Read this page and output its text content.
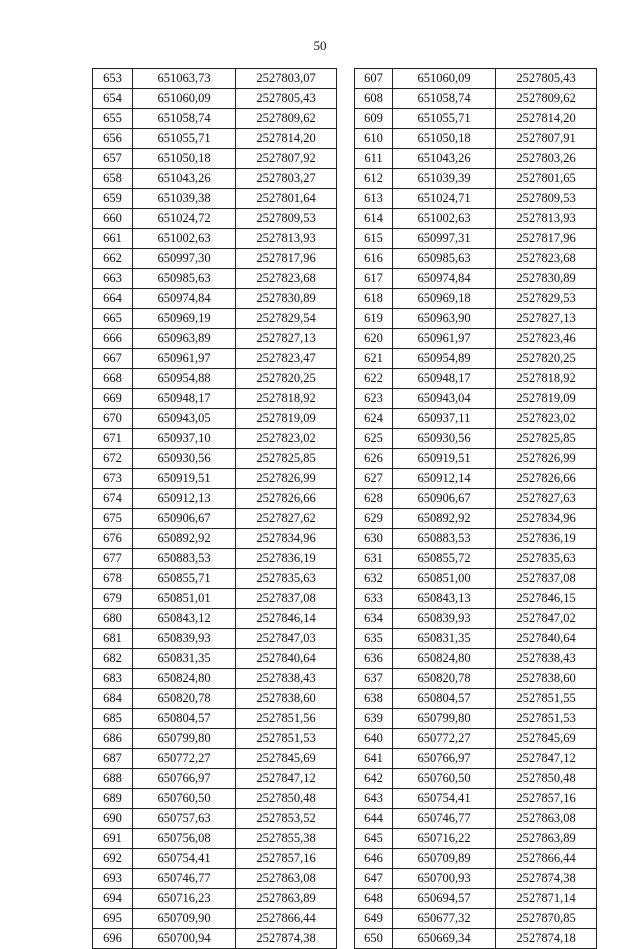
50
653	651063,73	2527803,07
654	651060,09	2527805,43
655	651058,74	2527809,62
656	651055,71	2527814,20
657	651050,18	2527807,92
658	651043,26	2527803,27
659	651039,38	2527801,64
660	651024,72	2527809,53
661	651002,63	2527813,93
662	650997,30	2527817,96
663	650985,63	2527823,68
664	650974,84	2527830,89
665	650969,19	2527829,54
666	650963,89	2527827,13
667	650961,97	2527823,47
668	650954,88	2527820,25
669	650948,17	2527818,92
670	650943,05	2527819,09
671	650937,10	2527823,02
672	650930,56	2527825,85
673	650919,51	2527826,99
674	650912,13	2527826,66
675	650906,67	2527827,62
676	650892,92	2527834,96
677	650883,53	2527836,19
678	650855,71	2527835,63
679	650851,01	2527837,08
680	650843,12	2527846,14
681	650839,93	2527847,03
682	650831,35	2527840,64
683	650824,80	2527838,43
684	650820,78	2527838,60
685	650804,57	2527851,56
686	650799,80	2527851,53
687	650772,27	2527845,69
688	650766,97	2527847,12
689	650760,50	2527850,48
690	650757,63	2527853,52
691	650756,08	2527855,38
692	650754,41	2527857,16
693	650746,77	2527863,08
694	650716,23	2527863,89
695	650709,90	2527866,44
696	650700,94	2527874,38
607	651060,09	2527805,43
608	651058,74	2527809,62
609	651055,71	2527814,20
610	651050,18	2527807,91
611	651043,26	2527803,26
612	651039,39	2527801,65
613	651024,71	2527809,53
614	651002,63	2527813,93
615	650997,31	2527817,96
616	650985,63	2527823,68
617	650974,84	2527830,89
618	650969,18	2527829,53
619	650963,90	2527827,13
620	650961,97	2527823,46
621	650954,89	2527820,25
622	650948,17	2527818,92
623	650943,04	2527819,09
624	650937,11	2527823,02
625	650930,56	2527825,85
626	650919,51	2527826,99
627	650912,14	2527826,66
628	650906,67	2527827,63
629	650892,92	2527834,96
630	650883,53	2527836,19
631	650855,72	2527835,63
632	650851,00	2527837,08
633	650843,13	2527846,15
634	650839,93	2527847,02
635	650831,35	2527840,64
636	650824,80	2527838,43
637	650820,78	2527838,60
638	650804,57	2527851,55
639	650799,80	2527851,53
640	650772,27	2527845,69
641	650766,97	2527847,12
642	650760,50	2527850,48
643	650754,41	2527857,16
644	650746,77	2527863,08
645	650716,22	2527863,89
646	650709,89	2527866,44
647	650700,93	2527874,38
648	650694,57	2527871,14
649	650677,32	2527870,85
650	650669,34	2527874,18
